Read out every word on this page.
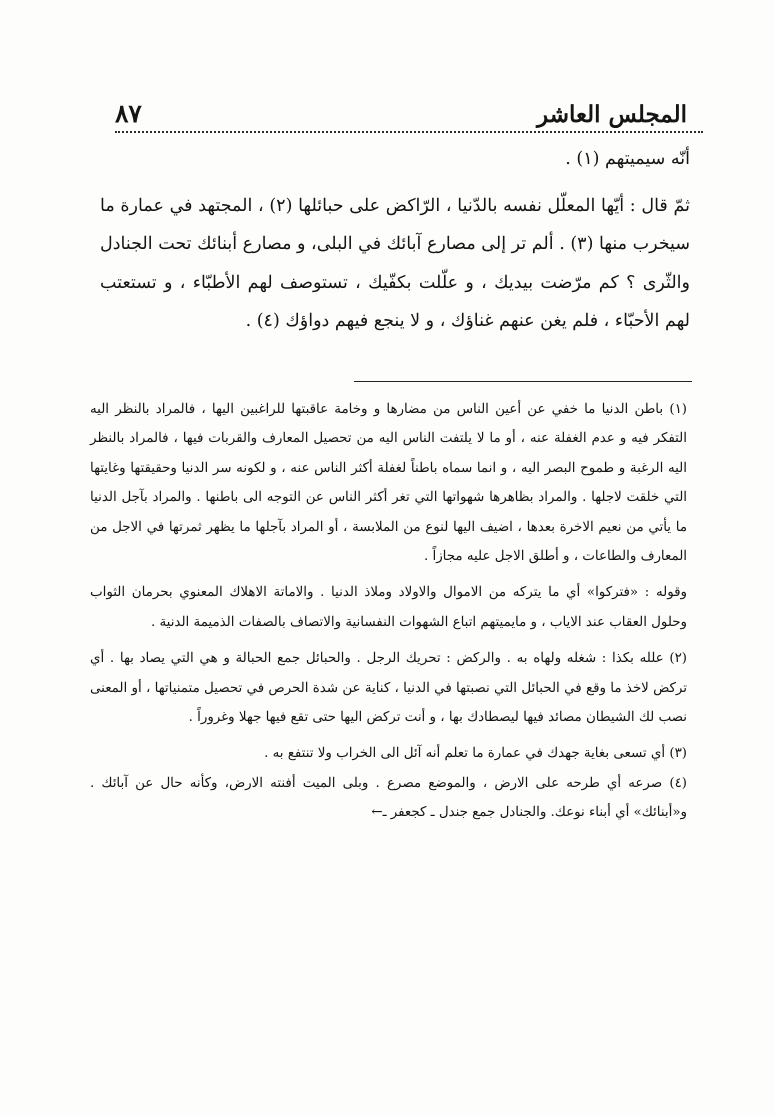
٨٧	المجلس العاشر

أنّه سيميتهم (١) .

ثمّ قال : أيّها المعلّل نفسه بالدّنيا ، الرّاكض على حبائلها (٢) ، المجتهد في عمارة ما سيخرب منها (٣) . ألم تر إلى مصارع آبائك في البلى، و مصارع أبنائك تحت الجنادل والثّرى ؟ كم مرّضت بيديك ، و علّلت بكفّيك ، تستوصف لهم الأطبّاء ، و تستعتب لهم الأحبّاء ، فلم يغن عنهم غناؤك ، و لا ينجع فيهم دواؤك (٤) .

(١) باطن الدنيا ما خفي عن أعين الناس من مضارها و وخامة عاقبتها للراغبين اليها ، فالمراد بالنظر اليه التفكر فيه و عدم الغفلة عنه ، أو ما لا يلتفت الناس اليه من تحصيل المعارف والقربات فيها ، فالمراد بالنظر اليه الرغبة و طموح البصر اليه ، و انما سماه باطناً لغفلة أكثر الناس عنه ، و لكونه سر الدنيا وحقيقتها وغايتها التي خلقت لاجلها . والمراد بظاهرها شهواتها التي تغر أكثر الناس عن التوجه الى باطنها . والمراد بآجل الدنيا ما يأتي من نعيم الاخرة بعدها ، اضيف اليها لنوع من الملابسة ، أو المراد بآجلها ما يظهر ثمرتها في الاجل من المعارف والطاعات ، و أطلق الاجل عليه مجازاً .

وقوله : «فتركوا» أي ما يتركه من الاموال والاولاد وملاذ الدنيا . والاماتة الاهلاك المعنوي بحرمان الثواب وحلول العقاب عند الاياب ، و مايميتهم اتباع الشهوات النفسانية والاتصاف بالصفات الذميمة الدنية .

(٢) علله بكذا : شغله ولهاه به . والركض : تحريك الرجل . والحبائل جمع الحبالة و هي التي يصاد بها . أي تركض لاخذ ما وقع في الحبائل التي نصبتها في الدنيا ، كناية عن شدة الحرص في تحصيل متمنياتها ، أو المعنى نصب لك الشيطان مصائد فيها ليصطادك بها ، و أنت تركض اليها حتى تقع فيها جهلا وغروراً .

(٣) أي تسعى بغاية جهدك في عمارة ما تعلم أنه آئل الى الخراب ولا تنتفع به .

(٤) صرعه أي طرحه على الارض ، والموضع مصرع . وبلى الميت أفنته الارض، وكأنه حال عن آبائك . و«أبنائك» أي أبناء نوعك. والجنادل جمع جندل ـ كجعفر ـ←
